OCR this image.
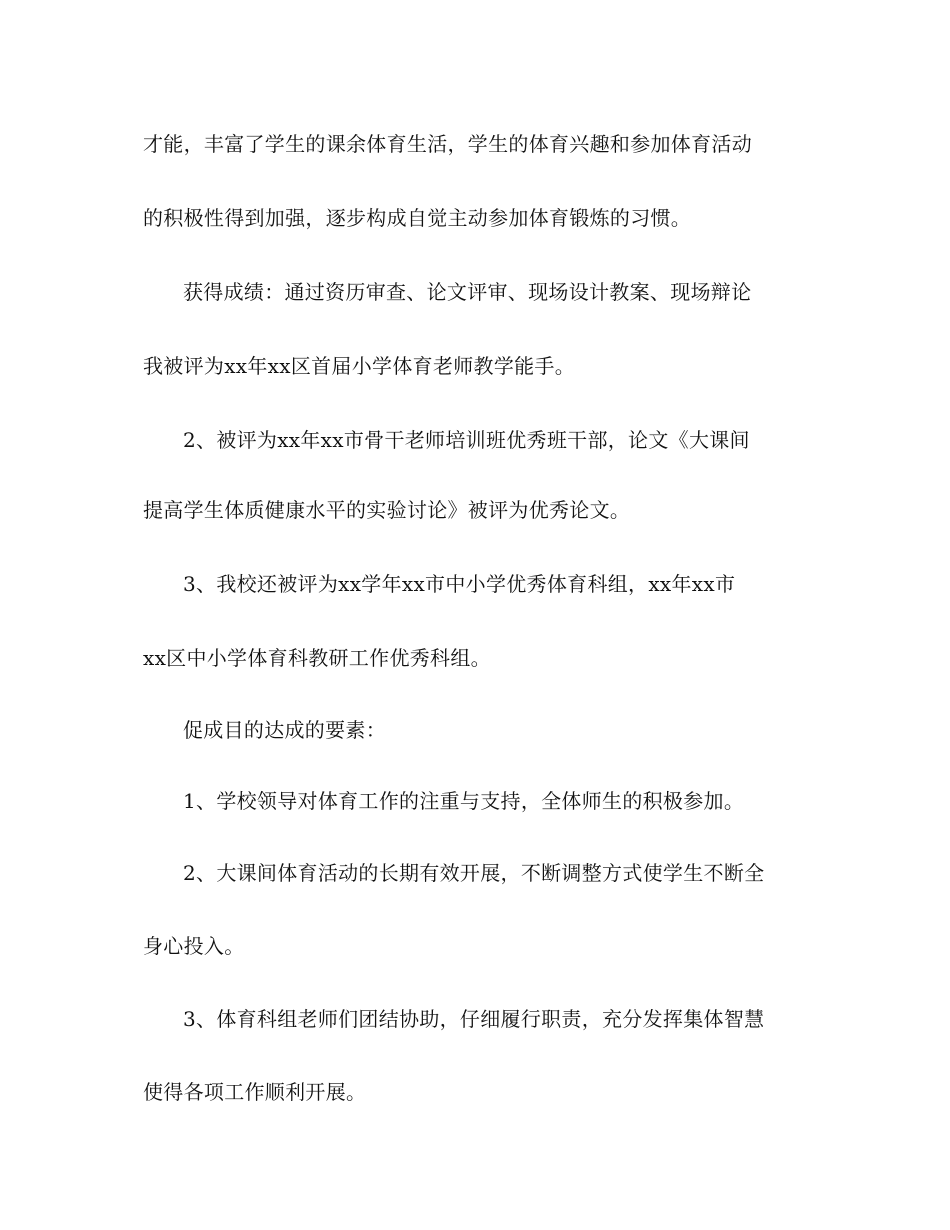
才能，丰富了学生的课余体育生活，学生的体育兴趣和参加体育活动

的积极性得到加强，逐步构成自觉主动参加体育锻炼的习惯。

获得成绩：通过资历审查、论文评审、现场设计教案、现场辩论

我被评为xx年xx区首届小学体育老师教学能手。

2、被评为xx年xx市骨干老师培训班优秀班干部，论文《大课间

提高学生体质健康水平的实验讨论》被评为优秀论文。

3、我校还被评为xx学年xx市中小学优秀体育科组，xx年xx市

xx区中小学体育科教研工作优秀科组。

促成目的达成的要素：

1、学校领导对体育工作的注重与支持，全体师生的积极参加。

2、大课间体育活动的长期有效开展，不断调整方式使学生不断全

身心投入。

3、体育科组老师们团结协助，仔细履行职责，充分发挥集体智慧

使得各项工作顺利开展。
